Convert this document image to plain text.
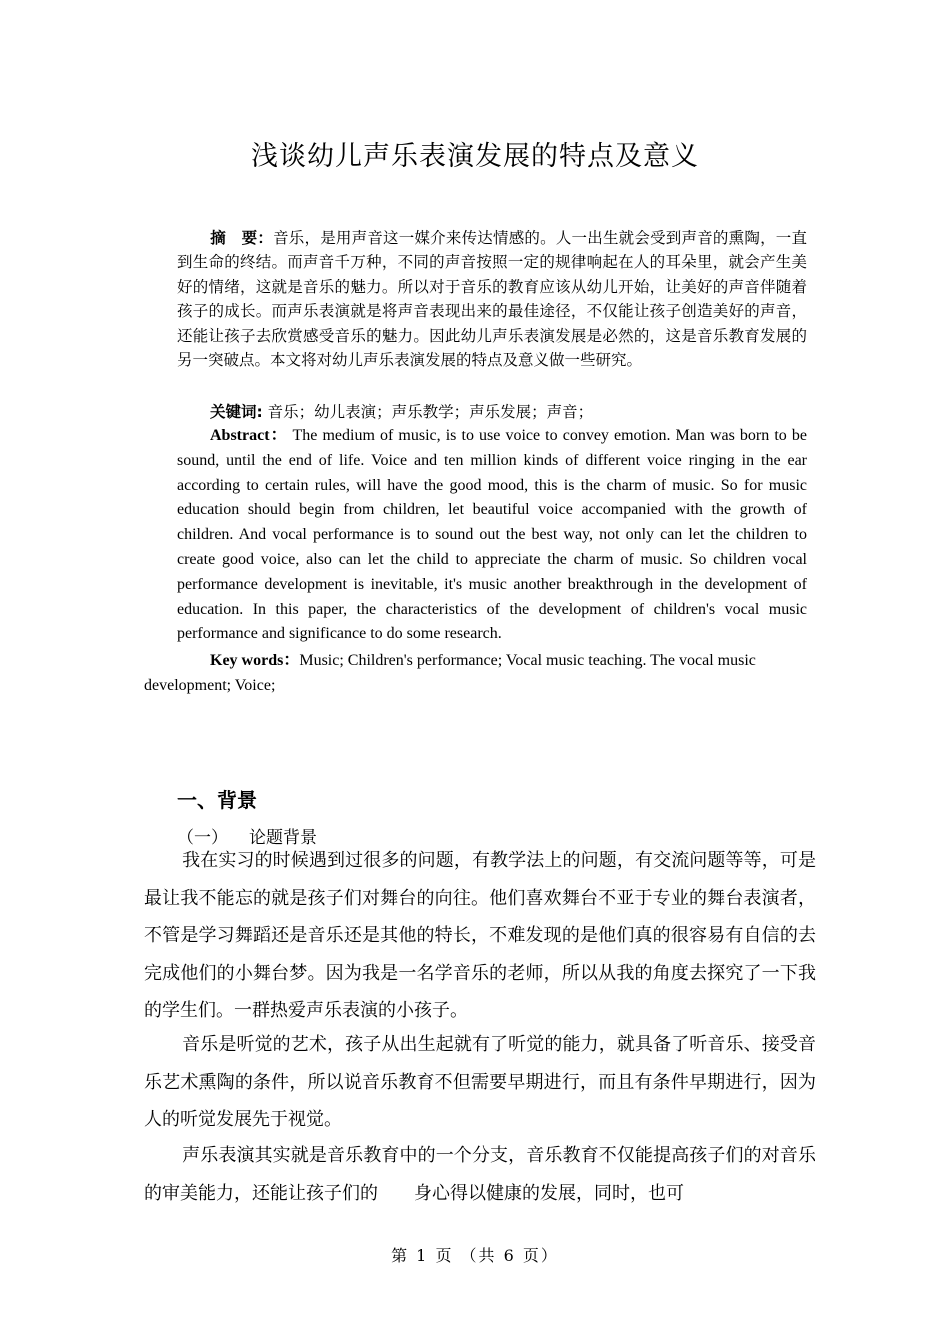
浅谈幼儿声乐表演发展的特点及意义
摘　要：音乐，是用声音这一媒介来传达情感的。人一出生就会受到声音的熏陶，一直到生命的终结。而声音千万种，不同的声音按照一定的规律响起在人的耳朵里，就会产生美好的情绪，这就是音乐的魅力。所以对于音乐的教育应该从幼儿开始，让美好的声音伴随着孩子的成长。而声乐表演就是将声音表现出来的最佳途径，不仅能让孩子创造美好的声音，还能让孩子去欣赏感受音乐的魅力。因此幼儿声乐表演发展是必然的，这是音乐教育发展的另一突破点。本文将对幼儿声乐表演发展的特点及意义做一些研究。
关键词: 音乐；幼儿表演；声乐教学；声乐发展；声音；
Abstract： The medium of music, is to use voice to convey emotion. Man was born to be sound, until the end of life. Voice and ten million kinds of different voice ringing in the ear according to certain rules, will have the good mood, this is the charm of music. So for music education should begin from children, let beautiful voice accompanied with the growth of children. And vocal performance is to sound out the best way, not only can let the children to create good voice, also can let the child to appreciate the charm of music. So children vocal performance development is inevitable, it's music another breakthrough in the development of education. In this paper, the characteristics of the development of children's vocal music performance and significance to do some research.
Key words：Music; Children's performance; Vocal music teaching. The vocal music development; Voice;
一、背景
（一） 论题背景
我在实习的时候遇到过很多的问题，有教学法上的问题，有交流问题等等，可是最让我不能忘的就是孩子们对舞台的向往。他们喜欢舞台不亚于专业的舞台表演者，不管是学习舞蹈还是音乐还是其他的特长，不难发现的是他们真的很容易有自信的去完成他们的小舞台梦。因为我是一名学音乐的老师，所以从我的角度去探究了一下我的学生们。一群热爱声乐表演的小孩子。
音乐是听觉的艺术，孩子从出生起就有了听觉的能力，就具备了听音乐、接受音乐艺术熏陶的条件，所以说音乐教育不但需要早期进行，而且有条件早期进行，因为人的听觉发展先于视觉。
声乐表演其实就是音乐教育中的一个分支，音乐教育不仅能提高孩子们的对音乐的审美能力，还能让孩子们的　　身心得以健康的发展，同时，也可
第 1 页 （共 6 页）
